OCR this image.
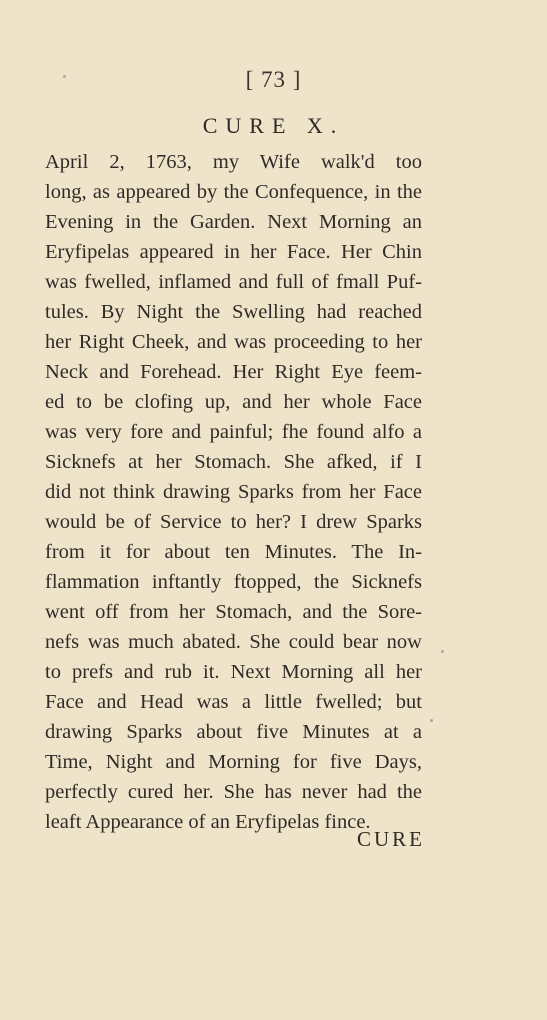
[ 73 ]
CURE X.
April 2, 1763, my Wife walk'd too
long, as appeared by the Confequence, in the
Evening in the Garden. Next Morning an
Eryfipelas appeared in her Face. Her Chin
was fwelled, inflamed and full of fmall Puf-
tules. By Night the Swelling had reached
her Right Cheek, and was proceeding to her
Neck and Forehead. Her Right Eye feem-
ed to be clofing up, and her whole Face
was very fore and painful; fhe found alfo a
Sicknefs at her Stomach. She afked, if I
did not think drawing Sparks from her Face
would be of Service to her? I drew Sparks
from it for about ten Minutes. The In-
flammation inftantly ftopped, the Sicknefs
went off from her Stomach, and the Sore-
nefs was much abated. She could bear now
to prefs and rub it. Next Morning all her
Face and Head was a little fwelled; but
drawing Sparks about five Minutes at a
Time, Night and Morning for five Days,
perfectly cured her. She has never had the
leaft Appearance of an Eryfipelas fince.
CURE
